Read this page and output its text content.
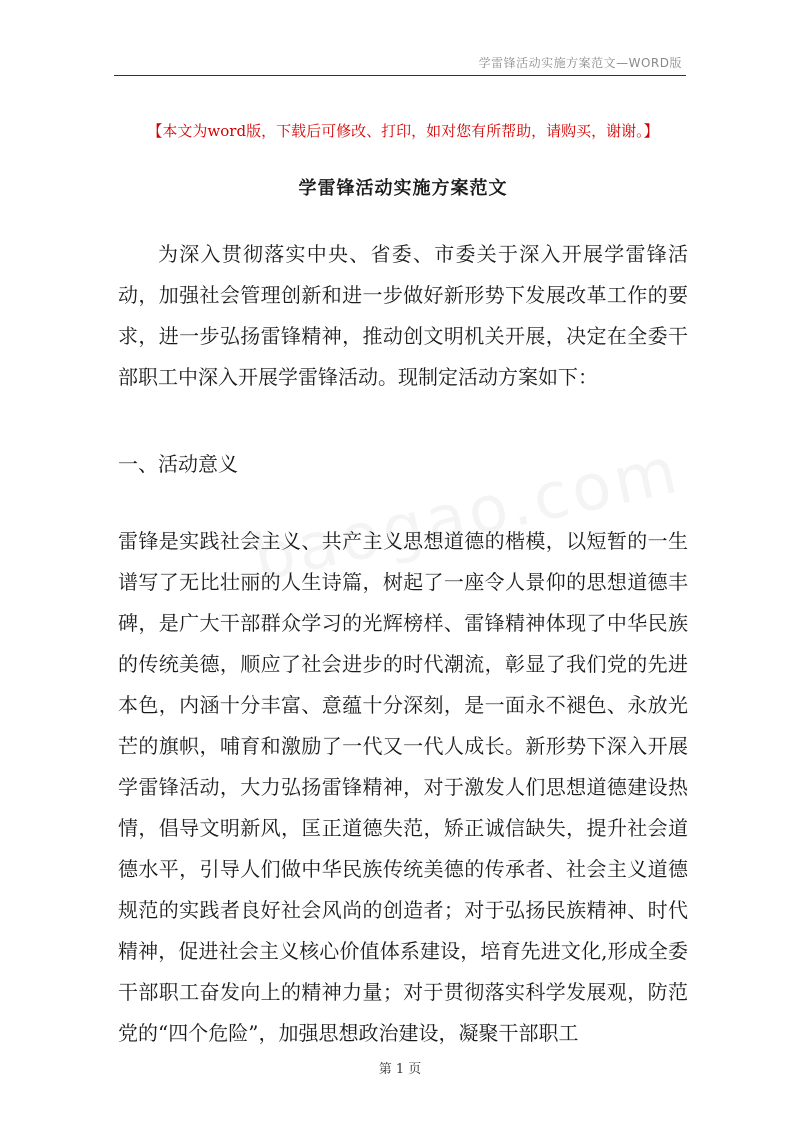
学雷锋活动实施方案范文—WORD版
【本文为word版，下载后可修改、打印，如对您有所帮助，请购买，谢谢。】
学雷锋活动实施方案范文
为深入贯彻落实中央、省委、市委关于深入开展学雷锋活动，加强社会管理创新和进一步做好新形势下发展改革工作的要求，进一步弘扬雷锋精神，推动创文明机关开展，决定在全委干部职工中深入开展学雷锋活动。现制定活动方案如下：
一、活动意义
雷锋是实践社会主义、共产主义思想道德的楷模，以短暂的一生谱写了无比壮丽的人生诗篇，树起了一座令人景仰的思想道德丰碑，是广大干部群众学习的光辉榜样、雷锋精神体现了中华民族的传统美德，顺应了社会进步的时代潮流，彰显了我们党的先进本色，内涵十分丰富、意蕴十分深刻，是一面永不褪色、永放光芒的旗帜，哺育和激励了一代又一代人成长。新形势下深入开展学雷锋活动，大力弘扬雷锋精神，对于激发人们思想道德建设热情，倡导文明新风，匡正道德失范，矫正诚信缺失，提升社会道德水平，引导人们做中华民族传统美德的传承者、社会主义道德规范的实践者良好社会风尚的创造者；对于弘扬民族精神、时代精神，促进社会主义核心价值体系建设，培育先进文化,形成全委干部职工奋发向上的精神力量；对于贯彻落实科学发展观，防范党的“四个危险”，加强思想政治建设，凝聚干部职工
第 1 页
